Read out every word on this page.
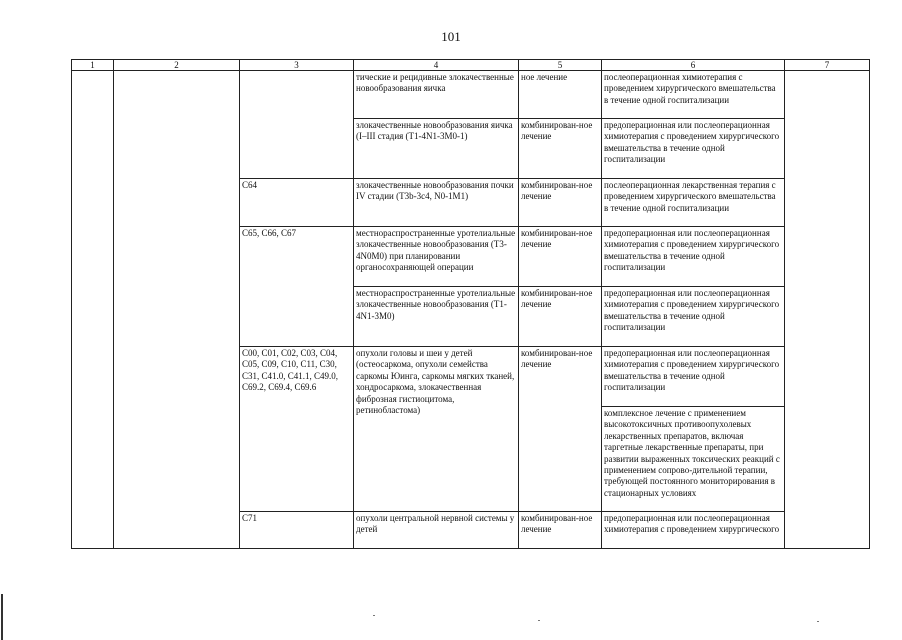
101
1	2	3	4	5	6	7
			тические и рецидивные злокачественные новообразования яичка	ное лечение	послеоперационная химиотерапия с проведением хирургического вмешательства в течение одной госпитализации	
			злокачественные новообразования яичка (I–III стадия (T1-4N1-3M0-1)	комбинирован-ное лечение	предоперационная или послеоперационная химиотерапия с проведением хирургического вмешательства в течение одной госпитализации	
		C64	злокачественные новообразования почки IV стадии (T3b-3c4, N0-1M1)	комбинирован-ное лечение	послеоперационная лекарственная терапия с проведением хирургического вмешательства в течение одной госпитализации	
		C65, C66, C67	местнораспространенные уротелиальные злокачественные новообразования (T3-4N0M0) при планировании органосохраняющей операции	комбинирован-ное лечение	предоперационная или послеоперационная химиотерапия с проведением хирургического вмешательства в течение одной госпитализации	
			местнораспространенные уротелиальные злокачественные новообразования (T1-4N1-3M0)	комбинирован-ное лечение	предоперационная или послеоперационная химиотерапия с проведением хирургического вмешательства в течение одной госпитализации	
		C00, C01, C02, C03, C04, C05, C09, C10, C11, C30, C31, C41.0, C41.1, C49.0, C69.2, C69.4, C69.6	опухоли головы и шеи у детей (остеосаркома, опухоли семейства саркомы Юинга, саркомы мягких тканей, хондросаркома, злокачественная фиброзная гистиоцитома, ретинобластома)	комбинирован-ное лечение	предоперационная или послеоперационная химиотерапия с проведением хирургического вмешательства в течение одной госпитализации	
					комплексное лечение с применением высокотоксичных противоопухолевых лекарственных препаратов, включая таргетные лекарственные препараты, при развитии выраженных токсических реакций с применением сопрово-дительной терапии, требующей постоянного мониторирования в стационарных условиях	
		C71	опухоли центральной нервной системы у детей	комбинирован-ное лечение	предоперационная или послеоперационная химиотерапия с проведением хирургического	
